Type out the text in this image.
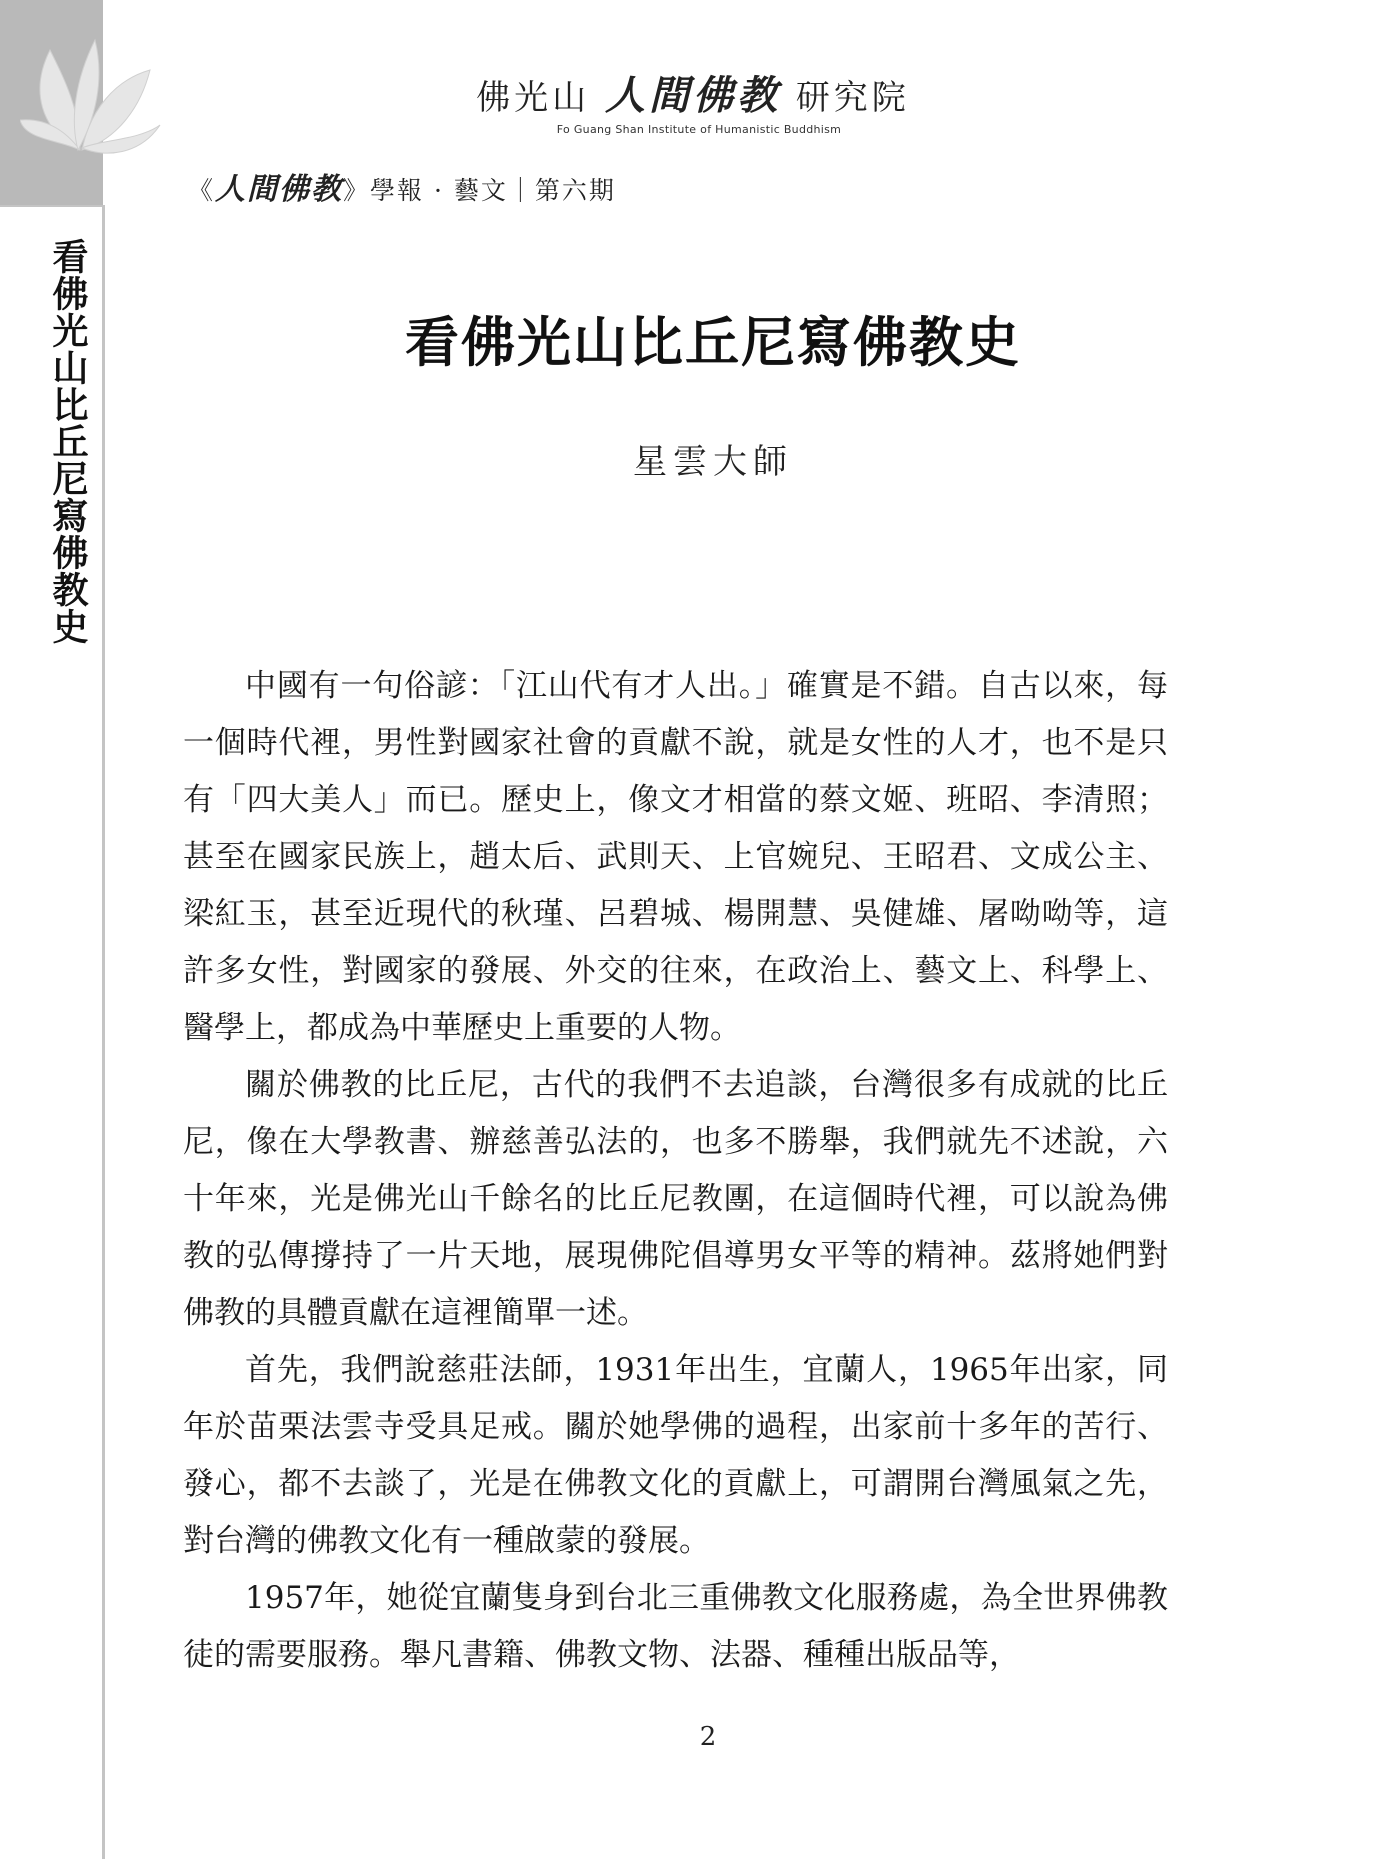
看佛光山比丘尼寫佛教史
佛光山 人間佛教 研究院
Fo Guang Shan Institute of Humanistic Buddhism
《人間佛教》學報 · 藝文｜第六期
看佛光山比丘尼寫佛教史
星雲大師

中國有一句俗諺：「江山代有才人出。」確實是不錯。自古以來，每一個時代裡，男性對國家社會的貢獻不說，就是女性的人才，也不是只有「四大美人」而已。歷史上，像文才相當的蔡文姬、班昭、李清照；甚至在國家民族上，趙太后、武則天、上官婉兒、王昭君、文成公主、梁紅玉，甚至近現代的秋瑾、呂碧城、楊開慧、吳健雄、屠呦呦等，這許多女性，對國家的發展、外交的往來，在政治上、藝文上、科學上、醫學上，都成為中華歷史上重要的人物。

關於佛教的比丘尼，古代的我們不去追談，台灣很多有成就的比丘尼，像在大學教書、辦慈善弘法的，也多不勝舉，我們就先不述說，六十年來，光是佛光山千餘名的比丘尼教團，在這個時代裡，可以說為佛教的弘傳撐持了一片天地，展現佛陀倡導男女平等的精神。茲將她們對佛教的具體貢獻在這裡簡單一述。

首先，我們說慈莊法師，1931年出生，宜蘭人，1965年出家，同年於苗栗法雲寺受具足戒。關於她學佛的過程，出家前十多年的苦行、發心，都不去談了，光是在佛教文化的貢獻上，可謂開台灣風氣之先，對台灣的佛教文化有一種啟蒙的發展。

1957年，她從宜蘭隻身到台北三重佛教文化服務處，為全世界佛教徒的需要服務。舉凡書籍、佛教文物、法器、種種出版品等，

2
